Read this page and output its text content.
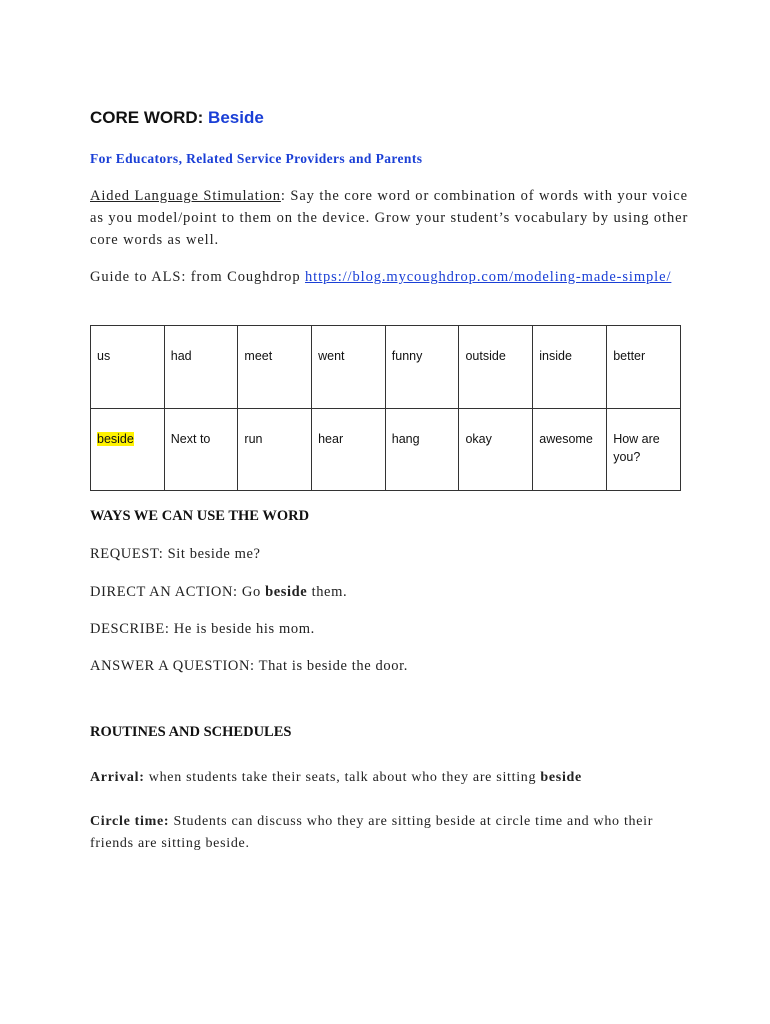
CORE WORD: Beside
For Educators, Related Service Providers and Parents
Aided Language Stimulation: Say the core word or combination of words with your voice as you model/point to them on the device. Grow your student’s vocabulary by using other core words as well.
Guide to ALS: from Coughdrop https://blog.mycoughdrop.com/modeling-made-simple/
us	had	meet	went	funny	outside	inside	better
beside	Next to	run	hear	hang	okay	awesome	How are you?
WAYS WE CAN USE THE WORD
REQUEST: Sit beside me?
DIRECT AN ACTION: Go beside them.
DESCRIBE: He is beside his mom.
ANSWER A QUESTION: That is beside the door.
ROUTINES AND SCHEDULES
Arrival: when students take their seats, talk about who they are sitting beside
Circle time: Students can discuss who they are sitting beside at circle time and who their friends are sitting beside.
